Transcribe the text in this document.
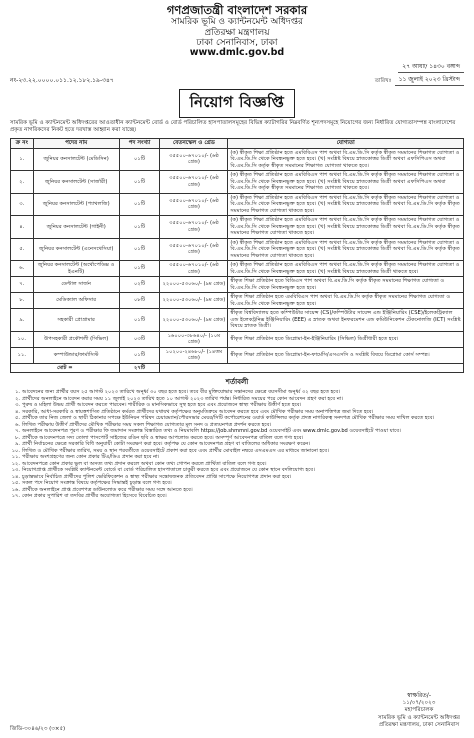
গণপ্রজাতন্ত্রী বাংলাদেশ সরকার
সামরিক ভূমি ও ক্যান্টনমেন্ট অধিদপ্তর
প্রতিরক্ষা মন্ত্রণালয়
ঢাকা সেনানিবাস, ঢাকা
www.dmlc.gov.bd
নং-২৩.২২.০০০০.০১১.১২.১৮২.১৯-৩৪৭
২৭ আষাঢ় ১৪৩০ বঙ্গাব্দ
তারিখঃ	১১ জুলাই ২০২৩ খ্রিস্টাব্দ
নিয়োগ বিজ্ঞপ্তি
সামরিক ভূমি ও ক্যান্টনমেন্ট অধিদপ্তরের আওতাধীন ক্যান্টনমেন্ট বোর্ড ও বোর্ড পরিচালিত হাসপাতালসমূহের বিভিন্ন ক্যাটাগরির নিম্নবর্ণিত শূন্যপদসমূহে নিয়োগের জন্য নির্ধারিত যোগ্যতাসম্পন্ন বাংলাদেশের প্রকৃত নাগরিকদের নিকট হতে দরখাস্ত আহ্বান করা যাচ্ছে।
ক্র নং	পদের নাম	পদ সংখ্যা	বেতনস্কেল ও গ্রেড	যোগ্যতা
১.	জুনিয়র কনসালটেন্ট (মেডিসিন)	০১টি	৩৫৫০০-৬৭০১০/- (৬ষ্ঠ গ্রেড)	(ক) স্বীকৃত শিক্ষা প্রতিষ্ঠান হতে এমবিবিএস পাশ অথবা বি.এম.ডি.সি কর্তৃক স্বীকৃত সমমানের শিক্ষাগত যোগ্যতা ও বি.এম.ডি.সি থেকে নিবন্ধনভুক্ত হতে হবে। (খ) সংশ্লিষ্ট বিষয়ে স্নাতকোত্তর ডিগ্রী অথবা এফসিপিএস অথবা বি.এম.ডি.সি কর্তৃক স্বীকৃত সমমানের শিক্ষাগত যোগ্যতা থাকতে হবে।
২.	জুনিয়র কনসালটেন্ট (সার্জারী)	০১টি	৩৫৫০০-৬৭০১০/- (৬ষ্ঠ গ্রেড)	(ক) স্বীকৃত শিক্ষা প্রতিষ্ঠান হতে এমবিবিএস পাশ অথবা বি.এম.ডি.সি কর্তৃক স্বীকৃত সমমানের শিক্ষাগত যোগ্যতা ও বি.এম.ডি.সি থেকে নিবন্ধনভুক্ত হতে হবে। (খ) সংশ্লিষ্ট বিষয়ে স্নাতকোত্তর ডিগ্রী অথবা এফসিপিএস অথবা বি.এম.ডি.সি কর্তৃক স্বীকৃত সমমানের শিক্ষাগত যোগ্যতা থাকতে হবে।
৩.	জুনিয়র কনসালটেন্ট (প্যাথলজি)	০১টি	৩৫৫০০-৬৭০১০/- (৬ষ্ঠ গ্রেড)	(ক) স্বীকৃত শিক্ষা প্রতিষ্ঠান হতে এমবিবিএস পাশ অথবা বি.এম.ডি.সি কর্তৃক স্বীকৃত সমমানের শিক্ষাগত যোগ্যতা ও বি.এম.ডি.সি থেকে নিবন্ধনভুক্ত হতে হবে। (খ) সংশ্লিষ্ট বিষয়ে স্নাতকোত্তর ডিগ্রী অথবা বি.এম.ডি.সি কর্তৃক স্বীকৃত সমমানের শিক্ষাগত যোগ্যতা থাকতে হবে।
৪.	জুনিয়র কনসালটেন্ট (গাইনী)	০১টি	৩৫৫০০-৬৭০১০/- (৬ষ্ঠ গ্রেড)	(ক) স্বীকৃত শিক্ষা প্রতিষ্ঠান হতে এমবিবিএস পাশ অথবা বি.এম.ডি.সি কর্তৃক স্বীকৃত সমমানের শিক্ষাগত যোগ্যতা ও বি.এম.ডি.সি থেকে নিবন্ধনভুক্ত হতে হবে। (খ) সংশ্লিষ্ট বিষয়ে স্নাতকোত্তর ডিগ্রী অথবা বি.এম.ডি.সি কর্তৃক স্বীকৃত সমমানের শিক্ষাগত যোগ্যতা থাকতে হবে।
৫.	জুনিয়র কনসালটেন্ট (এনেসথেসিয়া)	০১টি	৩৫৫০০-৬৭০১০/- (৬ষ্ঠ গ্রেড)	(ক) স্বীকৃত শিক্ষা প্রতিষ্ঠান হতে এমবিবিএস পাশ অথবা বি.এম.ডি.সি কর্তৃক স্বীকৃত সমমানের শিক্ষাগত যোগ্যতা ও বি.এম.ডি.সি থেকে নিবন্ধনভুক্ত হতে হবে। (খ) সংশ্লিষ্ট বিষয়ে স্নাতকোত্তর ডিগ্রী অথবা বি.এম.ডি.সি কর্তৃক স্বীকৃত সমমানের শিক্ষাগত যোগ্যতা থাকতে হবে।
৬.	জুনিয়র কনসালটেন্ট (অর্থোপেডিক্স ও ইএনটি)	০১টি	৩৫৫০০-৬৭০১০/- (৬ষ্ঠ গ্রেড)	(ক) স্বীকৃত শিক্ষা প্রতিষ্ঠান হতে এমবিবিএস পাশ অথবা বি.এম.ডি.সি কর্তৃক স্বীকৃত সমমানের শিক্ষাগত যোগ্যতা ও বি.এম.ডি.সি থেকে নিবন্ধনভুক্ত হতে হবে। (খ) সংশ্লিষ্ট বিষয়ে স্নাতকোত্তর ডিগ্রী থাকতে হবে।
৭.	ডেন্টাল সার্জন	০২টি	২২০০০-৫৩০৬০/- (৯ম গ্রেড)	স্বীকৃত শিক্ষা প্রতিষ্ঠান হতে বিডিএস পাশ অথবা বি.এম.ডি.সি কর্তৃক স্বীকৃত সমমানের শিক্ষাগত যোগ্যতা ও বি.এম.ডি.সি থেকে নিবন্ধনভুক্ত হতে হবে।
৮.	মেডিক্যাল অফিসার	০৮টি	২২০০০-৫৩০৬০/- (৯ম গ্রেড)	স্বীকৃত শিক্ষা প্রতিষ্ঠান হতে এমবিবিএস পাশ অথবা বি.এম.ডি.সি কর্তৃক স্বীকৃত সমমানের শিক্ষাগত যোগ্যতা ও বি.এম.ডি.সি থেকে নিবন্ধনভুক্ত হতে হবে।
৯.	সহকারী প্রোগ্রামার	০১টি	২২০০০-৫৩০৬০/- (৯ম গ্রেড)	স্বীকৃত বিশ্ববিদ্যালয় হতে কম্পিউটার সায়েন্স (CS)/কম্পিউটার সায়েন্স এন্ড ইঞ্জিনিয়ারিং (CSE)/ইলেকট্রিক্যাল এন্ড ইলেকট্রনিক্স ইঞ্জিনিয়ারিং (EEE) এ স্নাতক অথবা ইনফরমেশন এন্ড কমিউনিকেশন টেকনোলজি (ICT) সংশ্লিষ্ট বিষয়ে স্নাতক ডিগ্রী।
১০.	উপসহকারী প্রকৌশলী (সিভিল)	০৩টি	১৬০০০-৩৮৬৪০/- (১০ম গ্রেড)	স্বীকৃত শিক্ষা প্রতিষ্ঠান হতে ডিপ্লোমা-ইন-ইঞ্জিনিয়ারিং (সিভিল) ডিগ্রীধারী হতে হবে।
১১.	কম্পাউন্ডার/ফার্মাসিস্ট	০১টি	১০২০০-২৪৬৮০/- (১৪তম গ্রেড)	স্বীকৃত শিক্ষা প্রতিষ্ঠান হতে ডিপ্লোমা-ইন-ফার্মেসি/এসএসসি ও সংশ্লিষ্ট বিষয়ে ডিপ্লোমা কোর্স সম্পন্ন।
মোট =		২৭টি		
শর্তাবলী
১. আবেদনের জন্য প্রার্থীর বয়স ২৫ আগস্ট ২০২৩ তারিখে অনূর্ধ্ব ৩০ বছর হতে হবে। তবে বীর মুক্তিযোদ্ধার সন্তানদের ক্ষেত্রে বয়সসীমা অনূর্ধ্ব ৩২ বছর হতে হবে।
২. প্রার্থীদের অনলাইনে আবেদন করার সময় ১১ জুলাই ২০২৩ তারিখ হতে ১০ আগস্ট ২০২৩ তারিখ পর্যন্ত। নির্ধারিত সময়ের পরে কোন আবেদন গ্রহণ করা হবে না।
৩. পুরুষ ও মহিলা উভয় প্রার্থী আবেদন করতে পারবেন। শারীরিক ও মানসিকভাবে সুস্থ হতে হবে এবং প্রয়োজনে স্বাস্থ্য পরীক্ষায় উত্তীর্ণ হতে হবে।
৪. সরকারি, আধা-সরকারি ও স্বায়ত্তশাসিত প্রতিষ্ঠানে কর্মরত প্রার্থীদের যথাযথ কর্তৃপক্ষের অনুমতিক্রমে আবেদন করতে হবে এবং মৌখিক পরীক্ষার সময় অনাপত্তিপত্র জমা দিতে হবে।
৫. প্রার্থীকে তার নিজ জেলা ও স্থায়ী ঠিকানার সপক্ষে ইউনিয়ন পরিষদ চেয়ারম্যান/পৌরসভার মেয়র/সিটি কর্পোরেশনের ওয়ার্ড কাউন্সিলর কর্তৃক প্রদত্ত নাগরিকত্ব সনদপত্র মৌখিক পরীক্ষার সময় দাখিল করতে হবে।
৬. লিখিত পরীক্ষায় উত্তীর্ণ প্রার্থীদের মৌখিক পরীক্ষার সময় সকল শিক্ষাগত যোগ্যতার মূল সনদ ও প্রত্যয়নপত্র প্রদর্শন করতে হবে।
৭. অনলাইনে আবেদনপত্র পূরণ ও পরীক্ষার ফি জমাদান সংক্রান্ত বিস্তারিত তথ্য ও নিয়মাবলি https://job.shmmni.gov.bd ওয়েবসাইট এবং www.dmlc.gov.bd ওয়েবসাইটে পাওয়া যাবে।
৮. প্রার্থীকে আবেদনপত্রে সদ্য তোলা পাসপোর্ট সাইজের রঙিন ছবি ও স্বাক্ষর আপলোড করতে হবে। অসম্পূর্ণ আবেদনপত্র বাতিল বলে গণ্য হবে।
৯. প্রার্থী নির্বাচনের ক্ষেত্রে সরকারি বিধি অনুযায়ী কোটা সংরক্ষণ করা হবে। কর্তৃপক্ষ যে কোন আবেদনপত্র গ্রহণ বা বাতিলের অধিকার সংরক্ষণ করেন।
১০. লিখিত ও মৌখিক পরীক্ষার তারিখ, সময় ও স্থান পরবর্তীতে ওয়েবসাইটে প্রকাশ করা হবে এবং প্রার্থীর মোবাইল নম্বরে এসএমএস এর মাধ্যমে জানানো হবে।
১১. পরীক্ষায় অংশগ্রহণের জন্য কোন প্রকার টিএ/ডিএ প্রদান করা হবে না।
১২. আবেদনপত্রে কোন প্রকার ভুল বা অসত্য তথ্য প্রদান করলে অথবা কোন তথ্য গোপন করলে প্রার্থিতা বাতিল বলে গণ্য হবে।
১৩. নিয়োগপ্রাপ্ত প্রার্থীকে সংশ্লিষ্ট ক্যান্টনমেন্ট বোর্ডে বা বোর্ড পরিচালিত হাসপাতালে চাকুরী করতে হবে এবং প্রয়োজনে যে কোন স্থানে বদলিযোগ্য হবে।
১৪. চূড়ান্তভাবে নির্বাচিত প্রার্থীদের পুলিশ ভেরিফিকেশন ও স্বাস্থ্য পরীক্ষার সন্তোষজনক প্রতিবেদন প্রাপ্তি সাপেক্ষে নিয়োগপত্র প্রদান করা হবে।
১৫. সকল পদে নিয়োগ সংক্রান্ত বিষয়ে কর্তৃপক্ষের সিদ্ধান্তই চূড়ান্ত বলে গণ্য হবে।
১৬. প্রার্থীকে অনলাইনে প্রাপ্ত প্রবেশপত্র ডাউনলোড করে পরীক্ষার সময় সঙ্গে আনতে হবে।
১৭. কোন প্রকার সুপারিশ বা তদবির প্রার্থীর অযোগ্যতা হিসেবে বিবেচিত হবে।
স্বাক্ষরিত/-
১১/০৭/২০২৩
মহাপরিচালক
সামরিক ভূমি ও ক্যান্টনমেন্ট অধিদপ্তর
প্রতিরক্ষা মন্ত্রণালয়, ঢাকা সেনানিবাস
জিডি-৩০৪৬/২৩ (৩×৫)
